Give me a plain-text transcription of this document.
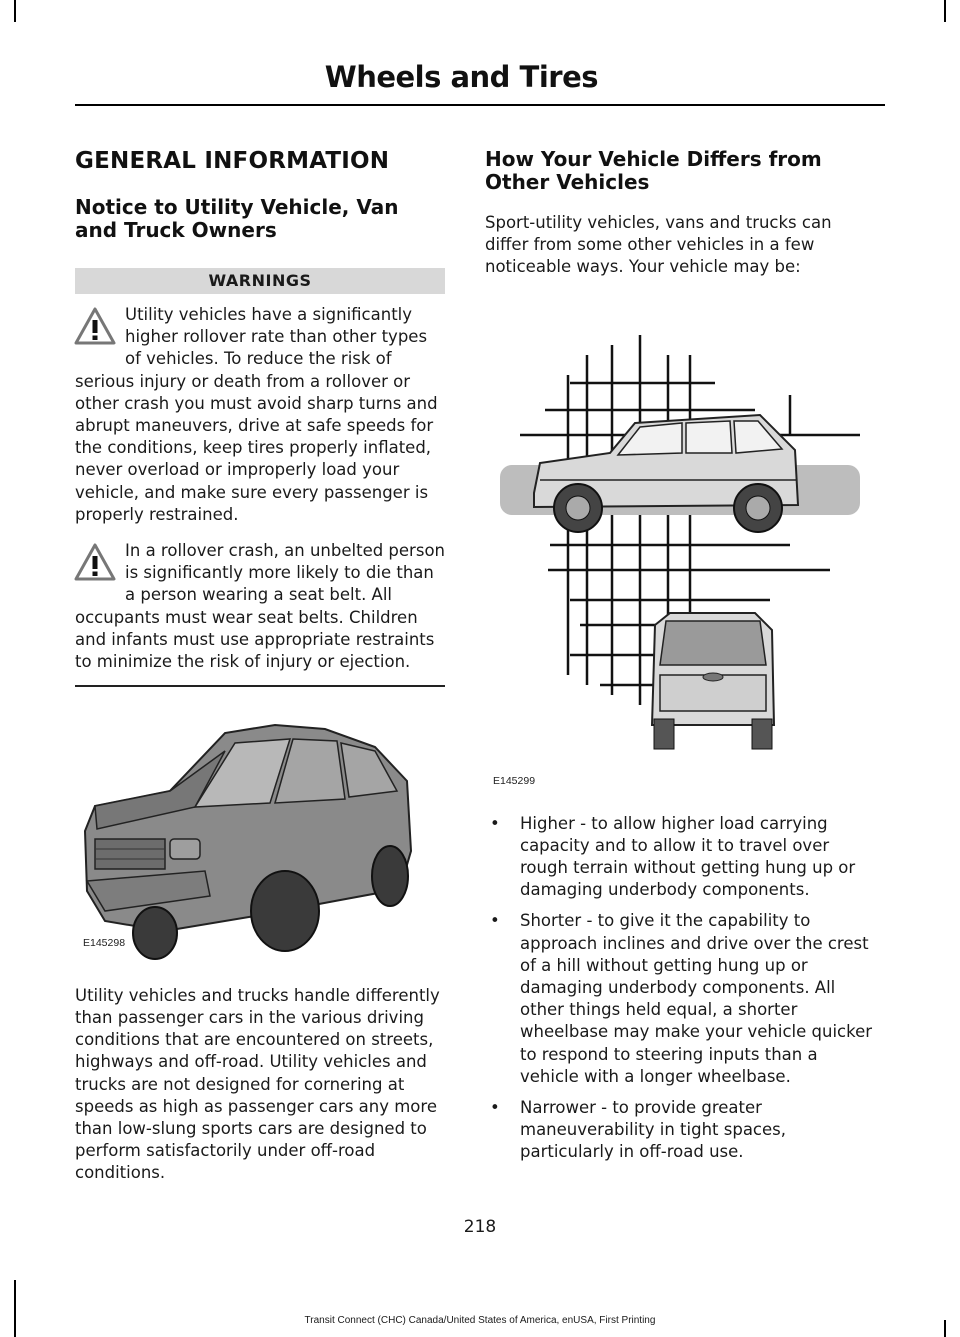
Wheels and Tires
GENERAL INFORMATION
Notice to Utility Vehicle, Van and Truck Owners
WARNINGS
Utility vehicles have a significantly higher rollover rate than other types of vehicles. To reduce the risk of serious injury or death from a rollover or other crash you must avoid sharp turns and abrupt maneuvers, drive at safe speeds for the conditions, keep tires properly inflated, never overload or improperly load your vehicle, and make sure every passenger is properly restrained.
In a rollover crash, an unbelted person is significantly more likely to die than a person wearing a seat belt. All occupants must wear seat belts. Children and infants must use appropriate restraints to minimize the risk of injury or ejection.
E145298

Utility vehicles and trucks handle differently than passenger cars in the various driving conditions that are encountered on streets, highways and off-road. Utility vehicles and trucks are not designed for cornering at speeds as high as passenger cars any more than low-slung sports cars are designed to perform satisfactorily under off-road conditions.

How Your Vehicle Differs from Other Vehicles

Sport-utility vehicles, vans and trucks can differ from some other vehicles in a few noticeable ways. Your vehicle may be:

E145299
• Higher - to allow higher load carrying capacity and to allow it to travel over rough terrain without getting hung up or damaging underbody components.
• Shorter - to give it the capability to approach inclines and drive over the crest of a hill without getting hung up or damaging underbody components. All other things held equal, a shorter wheelbase may make your vehicle quicker to respond to steering inputs than a vehicle with a longer wheelbase.
• Narrower - to provide greater maneuverability in tight spaces, particularly in off-road use.
218
Transit Connect (CHC) Canada/United States of America, enUSA, First Printing
